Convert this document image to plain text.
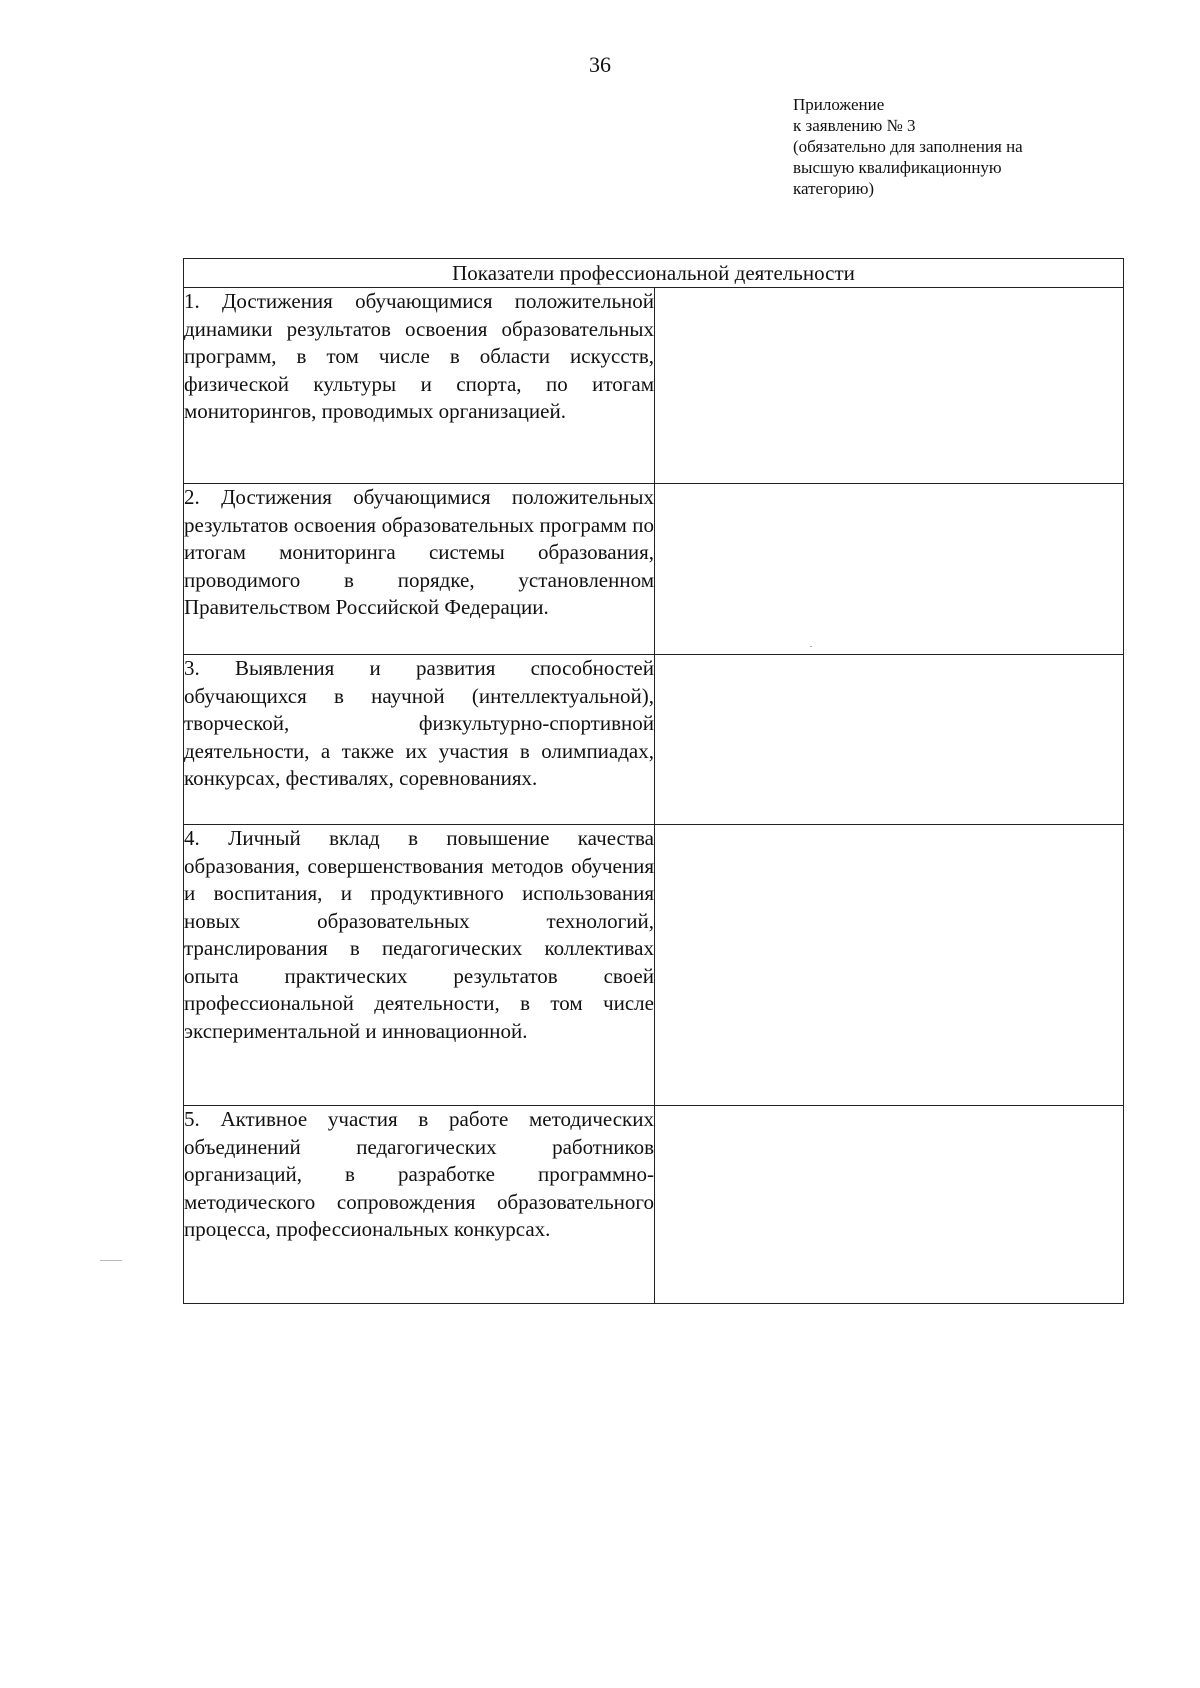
36
Приложение
к заявлению № 3
(обязательно для заполнения на
высшую квалификационную
категорию)
Показатели профессиональной деятельности	
1. Достижения обучающимися положительной динамики результатов освоения образовательных программ, в том числе в области искусств, физической культуры и спорта, по итогам мониторингов, проводимых организацией.	
2. Достижения обучающимися положительных результатов освоения образовательных программ по итогам мониторинга системы образования, проводимого в порядке, установленном Правительством Российской Федерации.	
3. Выявления и развития способностей обучающихся в научной (интеллектуальной), творческой, физкультурно-спортивной деятельности, а также их участия в олимпиадах, конкурсах, фестивалях, соревнованиях.	
4. Личный вклад в повышение качества образования, совершенствования методов обучения и воспитания, и продуктивного использования новых образовательных технологий, транслирования в педагогических коллективах опыта практических результатов своей профессиональной деятельности, в том числе экспериментальной и инновационной.	
5. Активное участия в работе методических объединений педагогических работников организаций, в разработке программно-методического сопровождения образовательного процесса, профессиональных конкурсах.	
